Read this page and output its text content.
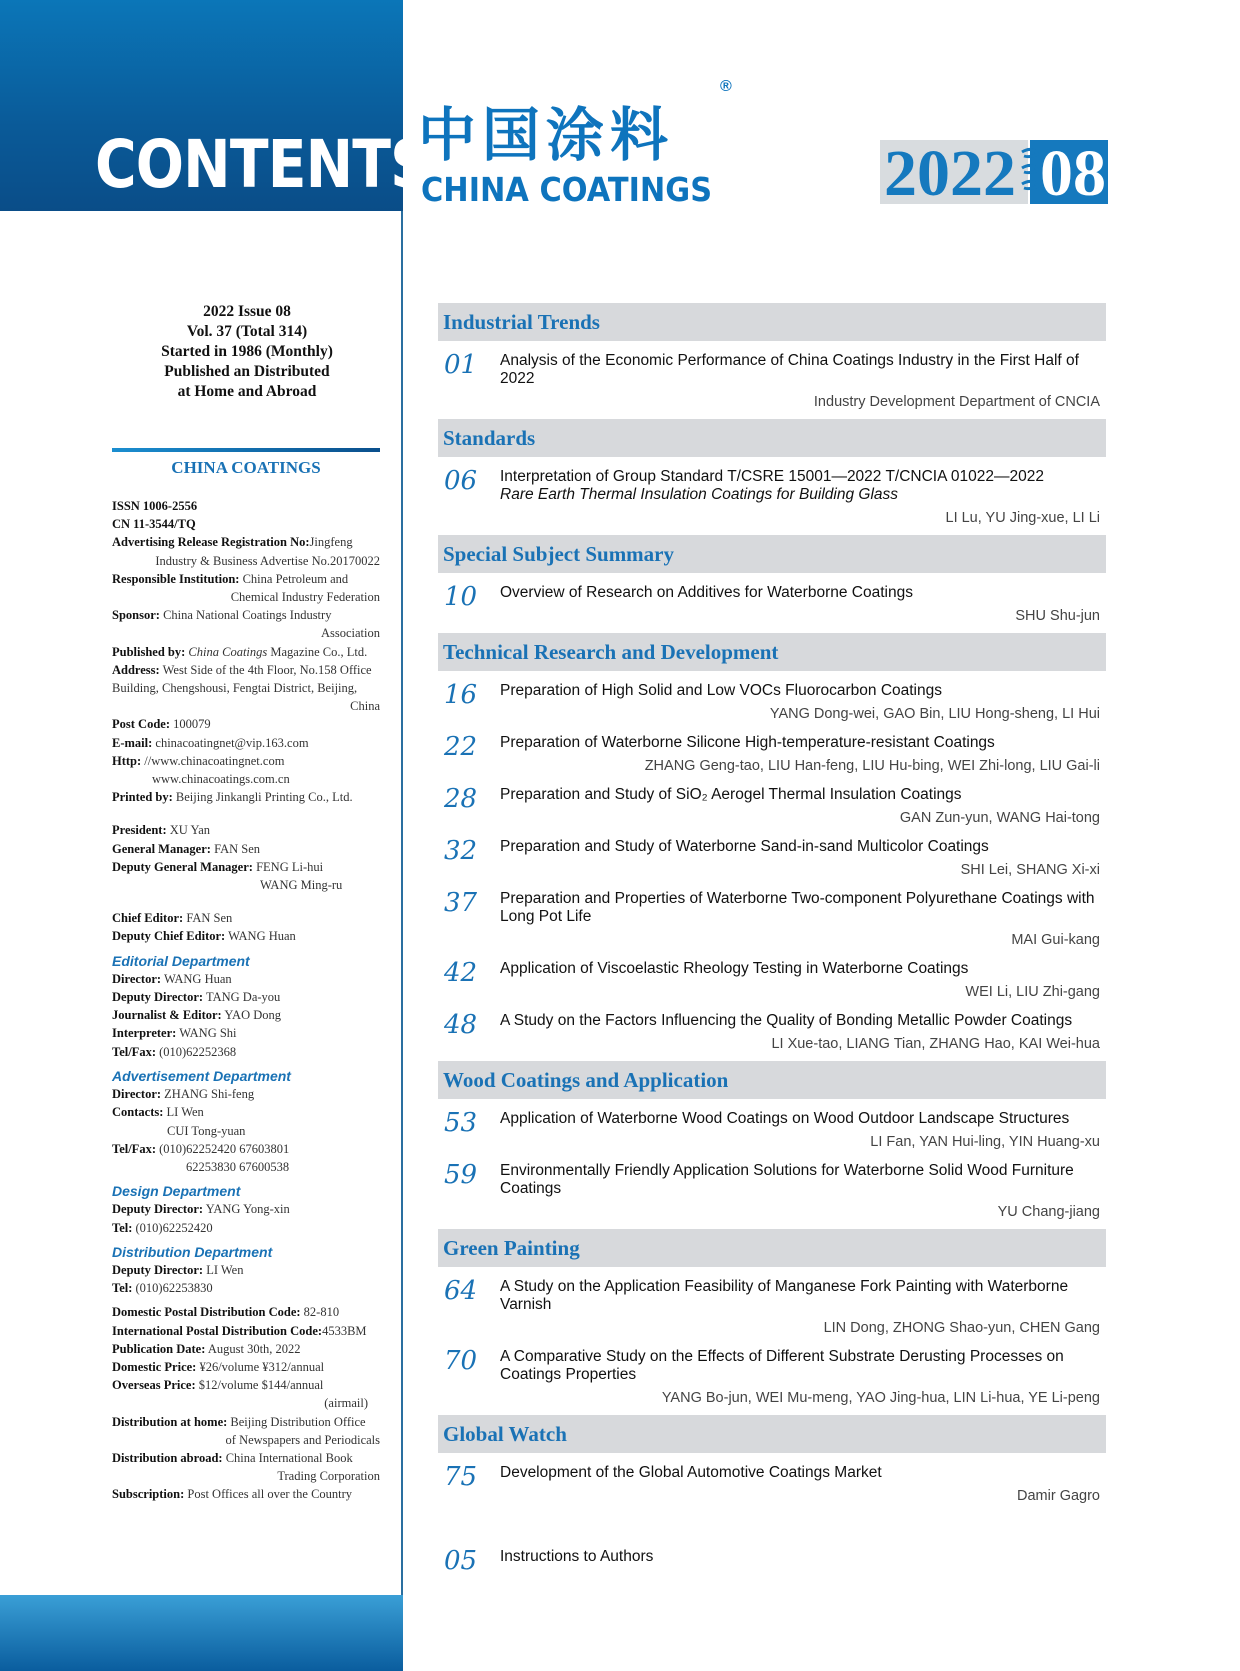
CONTENTS
2022 Issue 08
Vol. 37 (Total 314)
Started in 1986 (Monthly)
Published an Distributed
at Home and Abroad
CHINA COATINGS
ISSN 1006-2556
CN 11-3544/TQ
Advertising Release Registration No:Jingfeng
Industry & Business Advertise No.20170022
Responsible Institution: China Petroleum and
Chemical Industry Federation
Sponsor: China National Coatings Industry
Association
Published by: China Coatings Magazine Co., Ltd.
Address: West Side of the 4th Floor, No.158 Office
Building, Chengshousi, Fengtai District, Beijing,
China
Post Code: 100079
E-mail: chinacoatingnet@vip.163.com
Http: //www.chinacoatingnet.com
www.chinacoatings.com.cn
Printed by: Beijing Jinkangli Printing Co., Ltd.
President: XU Yan
General Manager: FAN Sen
Deputy General Manager: FENG Li-hui
WANG Ming-ru
Chief Editor: FAN Sen
Deputy Chief Editor: WANG Huan
Editorial Department
Director: WANG Huan
Deputy Director: TANG Da-you
Journalist & Editor: YAO Dong
Interpreter: WANG Shi
Tel/Fax: (010)62252368
Advertisement Department
Director: ZHANG Shi-feng
Contacts: LI Wen
CUI Tong-yuan
Tel/Fax: (010)62252420 67603801
62253830 67600538
Design Department
Deputy Director: YANG Yong-xin
Tel: (010)62252420
Distribution Department
Deputy Director: LI Wen
Tel: (010)62253830
Domestic Postal Distribution Code: 82-810
International Postal Distribution Code:4533BM
Publication Date: August 30th, 2022
Domestic Price: ¥26/volume ¥312/annual
Overseas Price: $12/volume $144/annual
(airmail)
Distribution at home: Beijing Distribution Office
of Newspapers and Periodicals
Distribution abroad: China International Book
Trading Corporation
Subscription: Post Offices all over the Country
中国涂料
®
CHINA COATINGS	2022 08
Industrial Trends
01 Analysis of the Economic Performance of China Coatings Industry in the First Half of 2022
Industry Development Department of CNCIA
Standards
06 Interpretation of Group Standard T/CSRE 15001—2022 T/CNCIA 01022—2022
Rare Earth Thermal Insulation Coatings for Building Glass
LI Lu, YU Jing-xue, LI Li
Special Subject Summary
10 Overview of Research on Additives for Waterborne Coatings
SHU Shu-jun
Technical Research and Development
16 Preparation of High Solid and Low VOCs Fluorocarbon Coatings
YANG Dong-wei, GAO Bin, LIU Hong-sheng, LI Hui
22 Preparation of Waterborne Silicone High-temperature-resistant Coatings
ZHANG Geng-tao, LIU Han-feng, LIU Hu-bing, WEI Zhi-long, LIU Gai-li
28 Preparation and Study of SiO₂ Aerogel Thermal Insulation Coatings
GAN Zun-yun, WANG Hai-tong
32 Preparation and Study of Waterborne Sand-in-sand Multicolor Coatings
SHI Lei, SHANG Xi-xi
37 Preparation and Properties of Waterborne Two-component Polyurethane Coatings with Long Pot Life
MAI Gui-kang
42 Application of Viscoelastic Rheology Testing in Waterborne Coatings
WEI Li, LIU Zhi-gang
48 A Study on the Factors Influencing the Quality of Bonding Metallic Powder Coatings
LI Xue-tao, LIANG Tian, ZHANG Hao, KAI Wei-hua
Wood Coatings and Application
53 Application of Waterborne Wood Coatings on Wood Outdoor Landscape Structures
LI Fan, YAN Hui-ling, YIN Huang-xu
59 Environmentally Friendly Application Solutions for Waterborne Solid Wood Furniture Coatings
YU Chang-jiang
Green Painting
64 A Study on the Application Feasibility of Manganese Fork Painting with Waterborne Varnish
LIN Dong, ZHONG Shao-yun, CHEN Gang
70 A Comparative Study on the Effects of Different Substrate Derusting Processes on Coatings Properties
YANG Bo-jun, WEI Mu-meng, YAO Jing-hua, LIN Li-hua, YE Li-peng
Global Watch
75 Development of the Global Automotive Coatings Market
Damir Gagro
05 Instructions to Authors
